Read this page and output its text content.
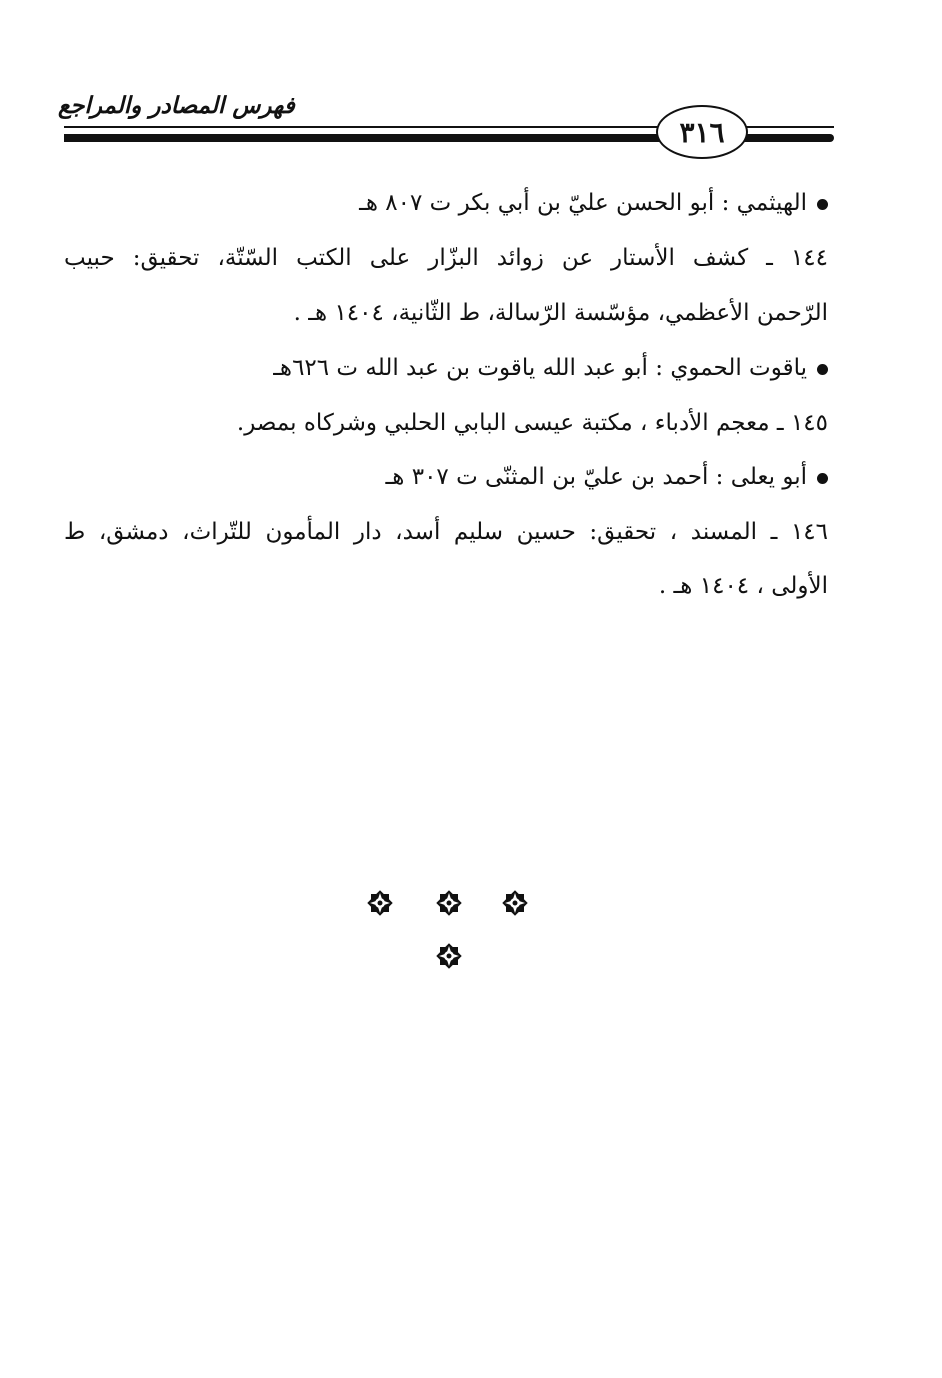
فهرس المصادر والمراجع
٣١٦
الهيثمي : أبو الحسن عليّ بن أبي بكر ت ٨٠٧ هـ
١٤٤ ـ كشف الأستار عن زوائد البزّار على الكتب السّتّة، تحقيق: حبيب
الرّحمن الأعظمي، مؤسّسة الرّسالة، ط الثّانية، ١٤٠٤ هـ .
ياقوت الحموي : أبو عبد الله ياقوت بن عبد الله ت ٦٢٦هـ
١٤٥ ـ معجم الأدباء ، مكتبة عيسى البابي الحلبي وشركاه بمصر.
أبو يعلى : أحمد بن عليّ بن المثنّى ت ٣٠٧ هـ
١٤٦ ـ المسند ، تحقيق: حسين سليم أسد، دار المأمون للتّراث، دمشق، ط
الأولى ، ١٤٠٤ هـ .
